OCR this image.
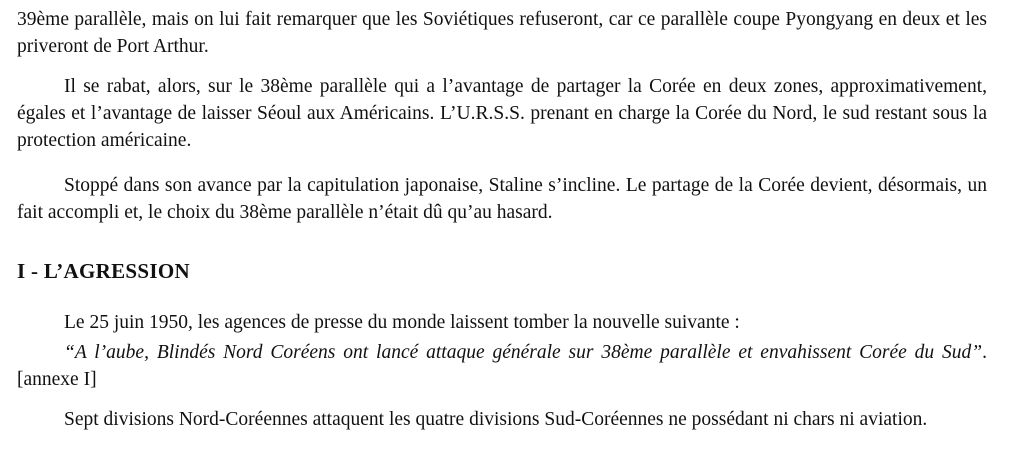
39ème parallèle, mais on lui fait remarquer que les Soviétiques refuseront, car ce parallèle coupe Pyongyang en deux et les priveront de Port Arthur.

Il se rabat, alors, sur le 38ème parallèle qui a l’avantage de partager la Corée en deux zones, approximativement, égales et l’avantage de laisser Séoul aux Américains. L’U.R.S.S. prenant en charge la Corée du Nord, le sud restant sous la protection américaine.

Stoppé dans son avance par la capitulation japonaise, Staline s’incline. Le partage de la Corée devient, désormais, un fait accompli et, le choix du 38ème parallèle n’était dû qu’au hasard.

I - L’AGRESSION

Le 25 juin 1950, les agences de presse du monde laissent tomber la nouvelle suivante :

“A l’aube, Blindés Nord Coréens ont lancé attaque générale sur 38ème parallèle et envahissent Corée du Sud”.[annexe I]

Sept divisions Nord-Coréennes attaquent les quatre divisions Sud-Coréennes ne possédant ni chars ni aviation.
